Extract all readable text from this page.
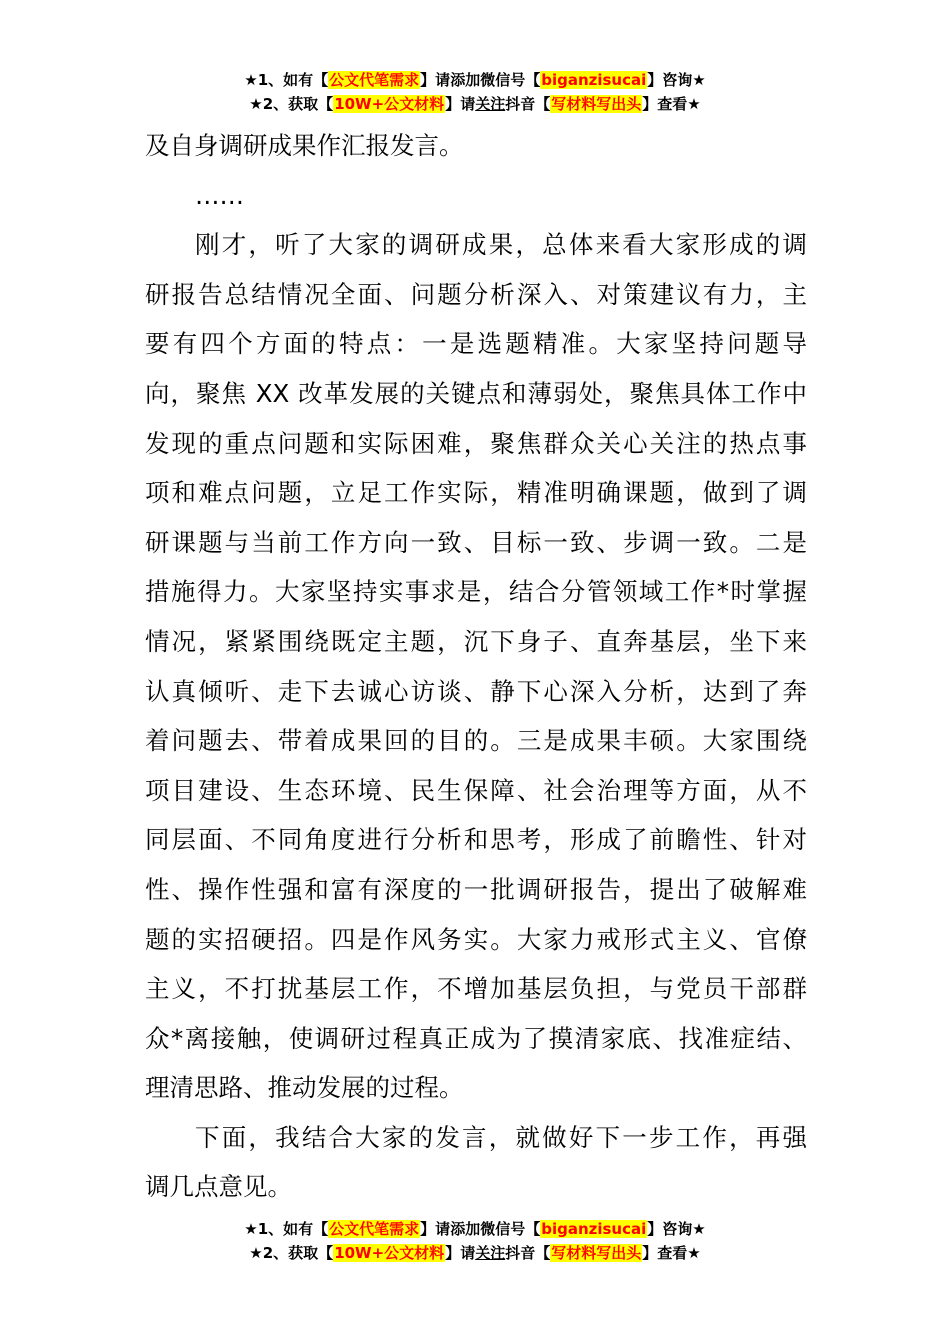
★1、如有【公文代笔需求】请添加微信号【biganzisucai】咨询★
★2、获取【10W+公文材料】请关注抖音【写材料写出头】查看★
及自身调研成果作汇报发言。
……
刚才，听了大家的调研成果，总体来看大家形成的调
研报告总结情况全面、问题分析深入、对策建议有力，主
要有四个方面的特点：一是选题精准。大家坚持问题导
向，聚焦 XX 改革发展的关键点和薄弱处，聚焦具体工作中
发现的重点问题和实际困难，聚焦群众关心关注的热点事
项和难点问题，立足工作实际，精准明确课题，做到了调
研课题与当前工作方向一致、目标一致、步调一致。二是
措施得力。大家坚持实事求是，结合分管领域工作*时掌握
情况，紧紧围绕既定主题，沉下身子、直奔基层，坐下来
认真倾听、走下去诚心访谈、静下心深入分析，达到了奔
着问题去、带着成果回的目的。三是成果丰硕。大家围绕
项目建设、生态环境、民生保障、社会治理等方面，从不
同层面、不同角度进行分析和思考，形成了前瞻性、针对
性、操作性强和富有深度的一批调研报告，提出了破解难
题的实招硬招。四是作风务实。大家力戒形式主义、官僚
主义，不打扰基层工作，不增加基层负担，与党员干部群
众*离接触，使调研过程真正成为了摸清家底、找准症结、
理清思路、推动发展的过程。
下面，我结合大家的发言，就做好下一步工作，再强
调几点意见。
★1、如有【公文代笔需求】请添加微信号【biganzisucai】咨询★
★2、获取【10W+公文材料】请关注抖音【写材料写出头】查看★
